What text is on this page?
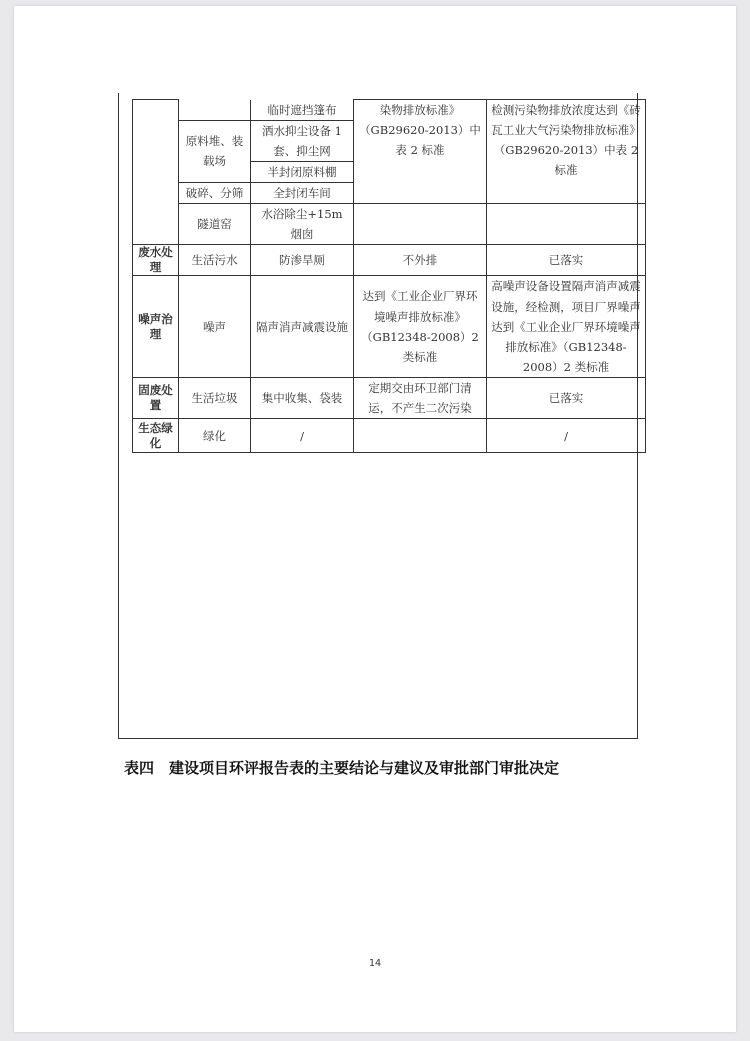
		临时遮挡篷布	染物排放标准》（GB29620-2013）中表 2 标准	检测污染物排放浓度达到《砖瓦工业大气污染物排放标准》（GB29620-2013）中表 2 标准
	原料堆、装载场	洒水抑尘设备 1 套、抑尘网		
		半封闭原料棚		
	破碎、分筛	全封闭车间		
	隧道窑	水浴除尘+15m 烟囱		
废水处理	生活污水	防渗旱厕	不外排	已落实
噪声治理	噪声	隔声消声减震设施	达到《工业企业厂界环境噪声排放标准》（GB12348-2008）2 类标准	高噪声设备设置隔声消声减震设施，经检测，项目厂界噪声达到《工业企业厂界环境噪声排放标准》（GB12348-2008）2 类标准
固废处置	生活垃圾	集中收集、袋装	定期交由环卫部门清运，不产生二次污染	已落实
生态绿化	绿化	/		/
表四　建设项目环评报告表的主要结论与建议及审批部门审批决定
14
